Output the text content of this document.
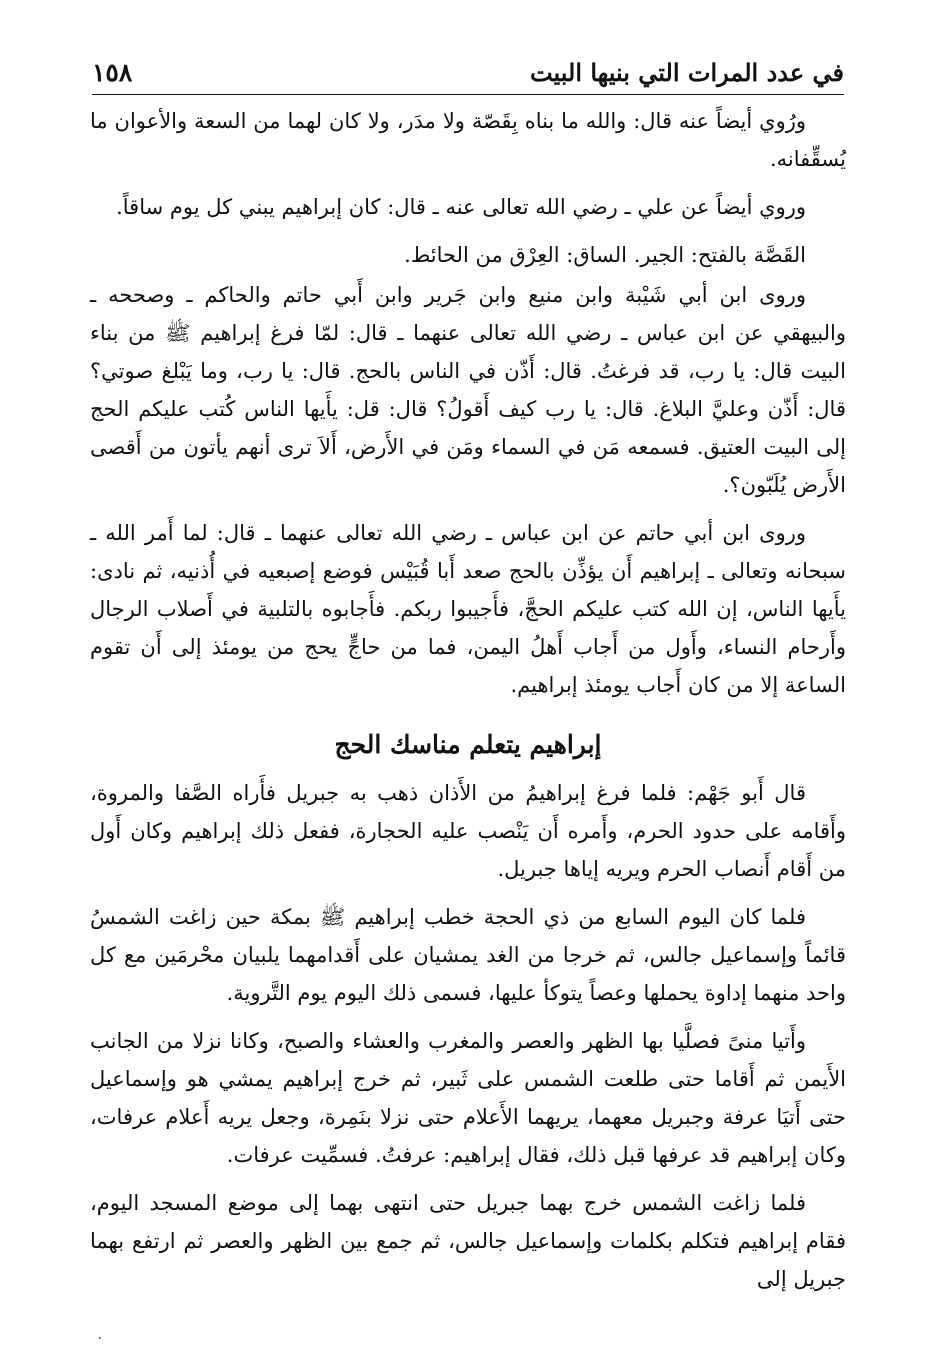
١٥٨	في عدد المرات التي بنيها البيت

ورُوي أيضاً عنه قال: والله ما بناه بِقَصّة ولا مدَر، ولا كان لهما من السعة والأعوان ما يُسقِّفانه.

وروي أيضاً عن علي ـ رضي الله تعالى عنه ـ قال: كان إبراهيم يبني كل يوم ساقاً.

القَصَّة بالفتح: الجير. الساق: العِرْق من الحائط.

وروى ابن أبي شَيْبة وابن منيع وابن جَرير وابن أَبي حاتم والحاكم ـ وصححه ـ والبيهقي عن ابن عباس ـ رضي الله تعالى عنهما ـ قال: لمّا فرغ إبراهيم ﷺ من بناء البيت قال: يا رب، قد فرغتُ. قال: أَذّن في الناس بالحج. قال: يا رب، وما يَبْلغ صوتي؟ قال: أَذّن وعليَّ البلاغ. قال: يا رب كيف أَقولُ؟ قال: قل: يأَيها الناس كُتب عليكم الحج إلى البيت العتيق. فسمعه مَن في السماء ومَن في الأَرض، أَلاَ ترى أنهم يأتون من أَقصى الأَرض يُلَبّون؟.

وروى ابن أبي حاتم عن ابن عباس ـ رضي الله تعالى عنهما ـ قال: لما أَمر الله ـ سبحانه وتعالى ـ إبراهيم أَن يؤذِّن بالحج صعد أَبا قُبَيْس فوضع إصبعيه في أُذنيه، ثم نادى: يأَيها الناس، إن الله كتب عليكم الحجَّ، فأَجيبوا ربكم. فأَجابوه بالتلبية في أَصلاب الرجال وأَرحام النساء، وأَول من أَجاب أَهلُ اليمن، فما من حاجٍّ يحج من يومئذ إلى أَن تقوم الساعة إلا من كان أَجاب يومئذ إبراهيم.

إبراهيم يتعلم مناسك الحج

قال أَبو جَهْم: فلما فرغ إبراهيمُ من الأَذان ذهب به جبريل فأَراه الصَّفا والمروة، وأَقامه على حدود الحرم، وأَمره أَن يَنْصب عليه الحجارة، ففعل ذلك إبراهيم وكان أَول من أَقام أَنصاب الحرم ويريه إياها جبريل.

فلما كان اليوم السابع من ذي الحجة خطب إبراهيم ﷺ بمكة حين زاغت الشمسُ قائماً وإسماعيل جالس، ثم خرجا من الغد يمشيان على أَقدامهما يلبيان محْرمَين مع كل واحد منهما إداوة يحملها وعصاً يتوكأ عليها، فسمى ذلك اليوم يوم التَّروية.

وأَتيا منىً فصلَّيا بها الظهر والعصر والمغرب والعشاء والصبح، وكانا نزلا من الجانب الأَيمن ثم أَقاما حتى طلعت الشمس على ثَبير، ثم خرج إبراهيم يمشي هو وإسماعيل حتى أَتيَا عرفة وجبريل معهما، يريهما الأَعلام حتى نزلا بنَمِرة، وجعل يريه أَعلام عرفات، وكان إبراهيم قد عرفها قبل ذلك، فقال إبراهيم: عرفتُ. فسمِّيت عرفات.

فلما زاغت الشمس خرج بهما جبريل حتى انتهى بهما إلى موضع المسجد اليوم، فقام إبراهيم فتكلم بكلمات وإسماعيل جالس، ثم جمع بين الظهر والعصر ثم ارتفع بهما جبريل إلى

٠
